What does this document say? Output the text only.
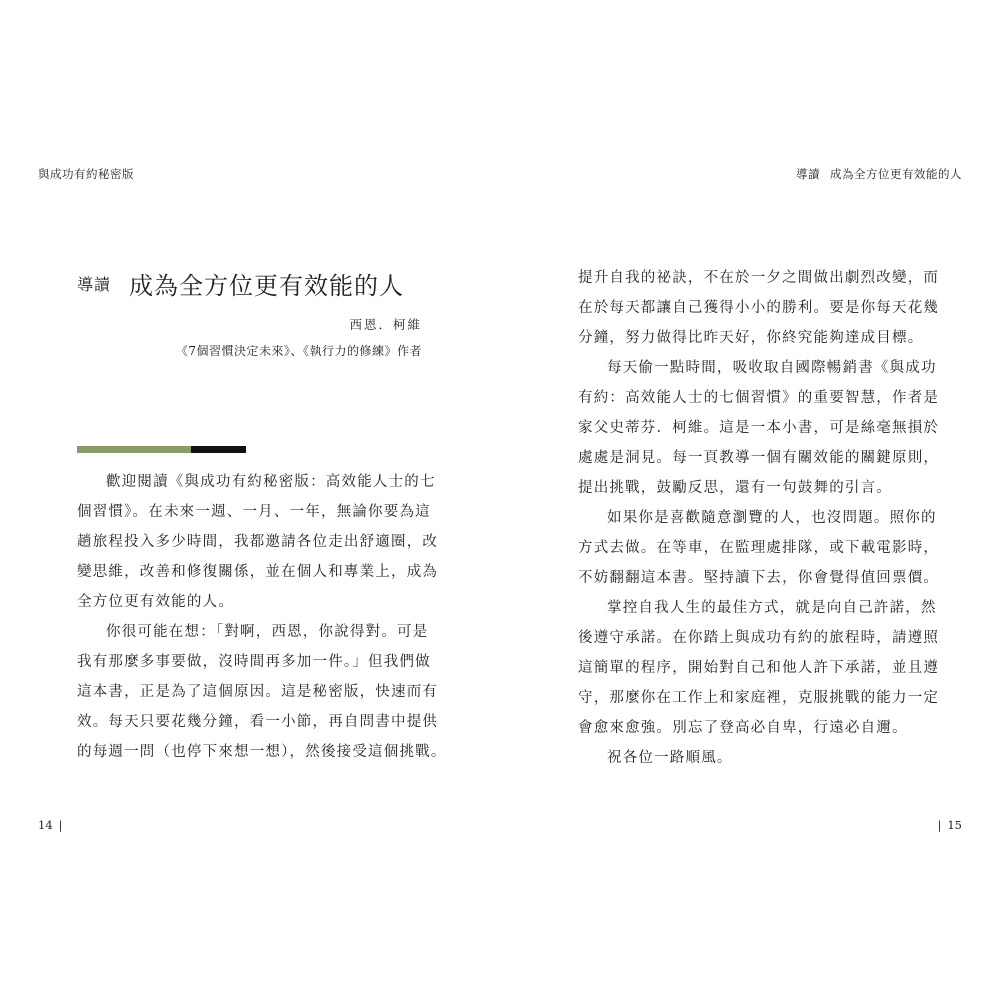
與成功有約秘密版
導讀 成為全方位更有效能的人
西恩．柯維
《7個習慣決定未來》、《執行力的修練》作者

歡迎閱讀《與成功有約秘密版：高效能人士的七
個習慣》。在未來一週、一月、一年，無論你要為這
趟旅程投入多少時間，我都邀請各位走出舒適圈，改
變思維，改善和修復關係，並在個人和專業上，成為
全方位更有效能的人。

你很可能在想：「對啊，西恩，你說得對。可是
我有那麼多事要做，沒時間再多加一件。」但我們做
這本書，正是為了這個原因。這是秘密版，快速而有
效。每天只要花幾分鐘，看一小節，再自問書中提供
的每週一問（也停下來想一想），然後接受這個挑戰。

14 |
導讀 成為全方位更有效能的人

提升自我的祕訣，不在於一夕之間做出劇烈改變，而
在於每天都讓自己獲得小小的勝利。要是你每天花幾
分鐘，努力做得比昨天好，你終究能夠達成目標。

每天偷一點時間，吸收取自國際暢銷書《與成功
有約：高效能人士的七個習慣》的重要智慧，作者是
家父史蒂芬．柯維。這是一本小書，可是絲毫無損於
處處是洞見。每一頁教導一個有關效能的關鍵原則，
提出挑戰，鼓勵反思，還有一句鼓舞的引言。

如果你是喜歡隨意瀏覽的人，也沒問題。照你的
方式去做。在等車，在監理處排隊，或下載電影時，
不妨翻翻這本書。堅持讀下去，你會覺得值回票價。

掌控自我人生的最佳方式，就是向自己許諾，然
後遵守承諾。在你踏上與成功有約的旅程時，請遵照
這簡單的程序，開始對自己和他人許下承諾，並且遵
守，那麼你在工作上和家庭裡，克服挑戰的能力一定
會愈來愈強。別忘了登高必自卑，行遠必自邇。

祝各位一路順風。

| 15
